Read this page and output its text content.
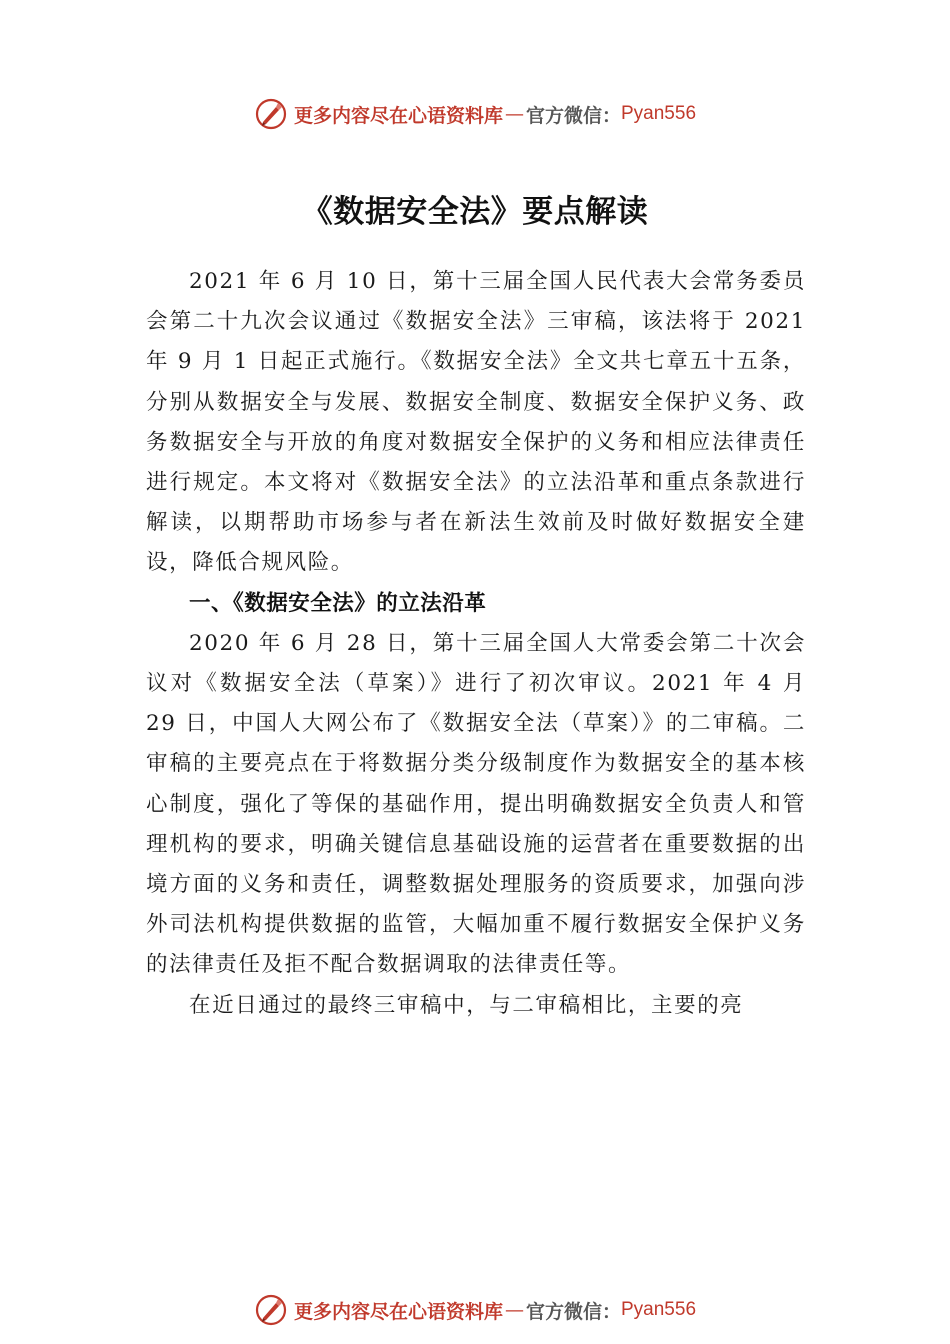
更多内容尽在心语资料库 — 官方微信： Pyan556
《数据安全法》要点解读

2021 年 6 月 10 日，第十三届全国人民代表大会常务委员会第二十九次会议通过《数据安全法》三审稿，该法将于 2021 年 9 月 1 日起正式施行。《数据安全法》全文共七章五十五条，分别从数据安全与发展、数据安全制度、数据安全保护义务、政务数据安全与开放的角度对数据安全保护的义务和相应法律责任进行规定。本文将对《数据安全法》的立法沿革和重点条款进行解读，以期帮助市场参与者在新法生效前及时做好数据安全建设，降低合规风险。

一、《数据安全法》的立法沿革

2020 年 6 月 28 日，第十三届全国人大常委会第二十次会议对《数据安全法（草案）》进行了初次审议。2021 年 4 月 29 日，中国人大网公布了《数据安全法（草案）》的二审稿。二审稿的主要亮点在于将数据分类分级制度作为数据安全的基本核心制度，强化了等保的基础作用，提出明确数据安全负责人和管理机构的要求，明确关键信息基础设施的运营者在重要数据的出境方面的义务和责任，调整数据处理服务的资质要求，加强向涉外司法机构提供数据的监管，大幅加重不履行数据安全保护义务的法律责任及拒不配合数据调取的法律责任等。

在近日通过的最终三审稿中，与二审稿相比，主要的亮

更多内容尽在心语资料库 — 官方微信： Pyan556
